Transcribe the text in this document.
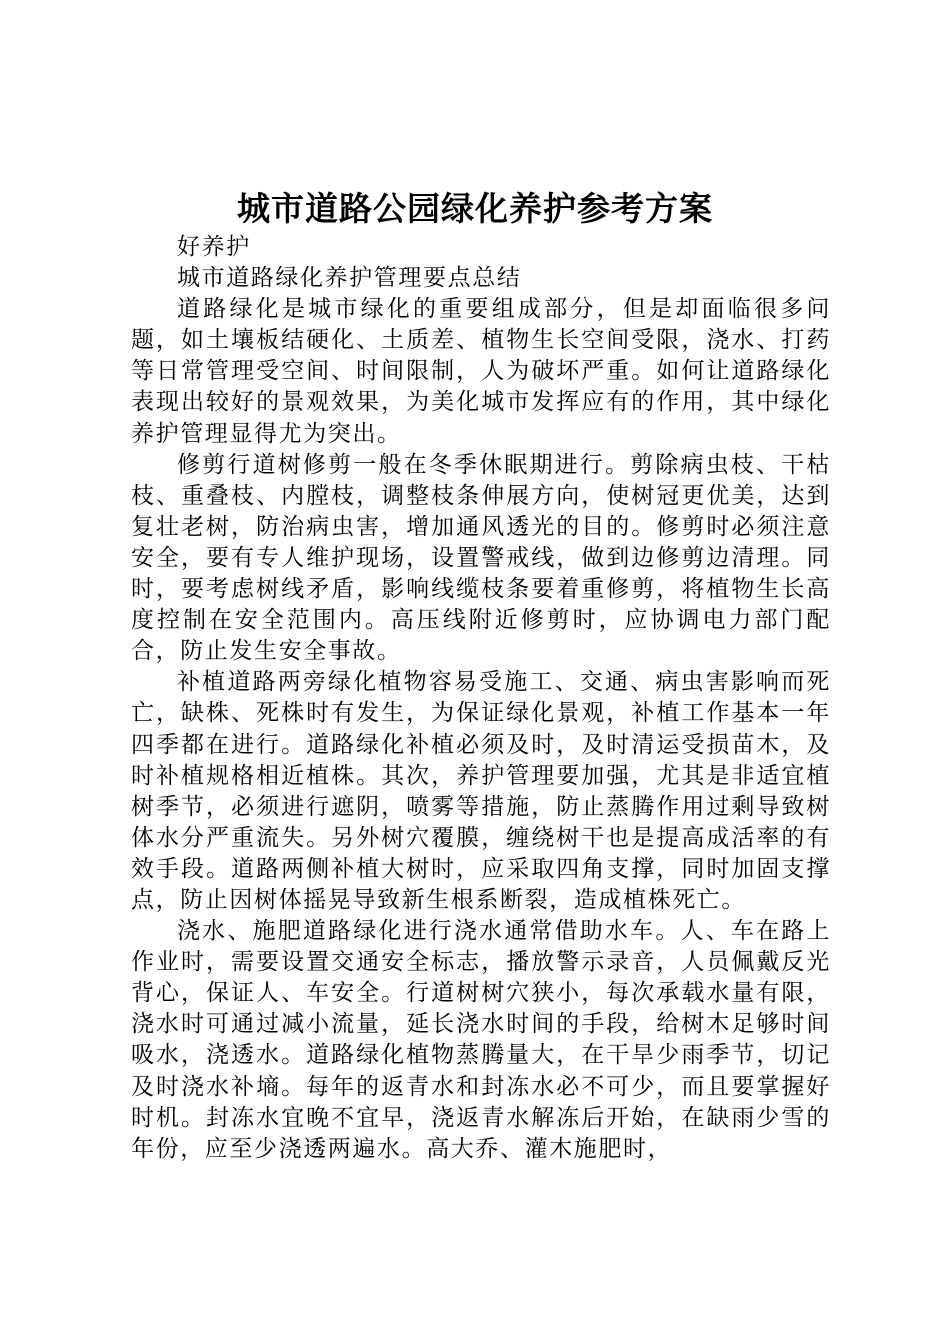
城市道路公园绿化养护参考方案

好养护

城市道路绿化养护管理要点总结

道路绿化是城市绿化的重要组成部分，但是却面临很多问题，如土壤板结硬化、土质差、植物生长空间受限，浇水、打药等日常管理受空间、时间限制，人为破坏严重。如何让道路绿化表现出较好的景观效果，为美化城市发挥应有的作用，其中绿化养护管理显得尤为突出。

修剪行道树修剪一般在冬季休眠期进行。剪除病虫枝、干枯枝、重叠枝、内膛枝，调整枝条伸展方向，使树冠更优美，达到复壮老树，防治病虫害，增加通风透光的目的。修剪时必须注意安全，要有专人维护现场，设置警戒线，做到边修剪边清理。同时，要考虑树线矛盾，影响线缆枝条要着重修剪，将植物生长高度控制在安全范围内。高压线附近修剪时，应协调电力部门配合，防止发生安全事故。

补植道路两旁绿化植物容易受施工、交通、病虫害影响而死亡，缺株、死株时有发生，为保证绿化景观，补植工作基本一年四季都在进行。道路绿化补植必须及时，及时清运受损苗木，及时补植规格相近植株。其次，养护管理要加强，尤其是非适宜植树季节，必须进行遮阴，喷雾等措施，防止蒸腾作用过剩导致树体水分严重流失。另外树穴覆膜，缠绕树干也是提高成活率的有效手段。道路两侧补植大树时，应采取四角支撑，同时加固支撑点，防止因树体摇晃导致新生根系断裂，造成植株死亡。

浇水、施肥道路绿化进行浇水通常借助水车。人、车在路上作业时，需要设置交通安全标志，播放警示录音，人员佩戴反光背心，保证人、车安全。行道树树穴狭小，每次承载水量有限，浇水时可通过减小流量，延长浇水时间的手段，给树木足够时间吸水，浇透水。道路绿化植物蒸腾量大，在干旱少雨季节，切记及时浇水补墒。每年的返青水和封冻水必不可少，而且要掌握好时机。封冻水宜晚不宜早，浇返青水解冻后开始，在缺雨少雪的年份，应至少浇透两遍水。高大乔、灌木施肥时，
